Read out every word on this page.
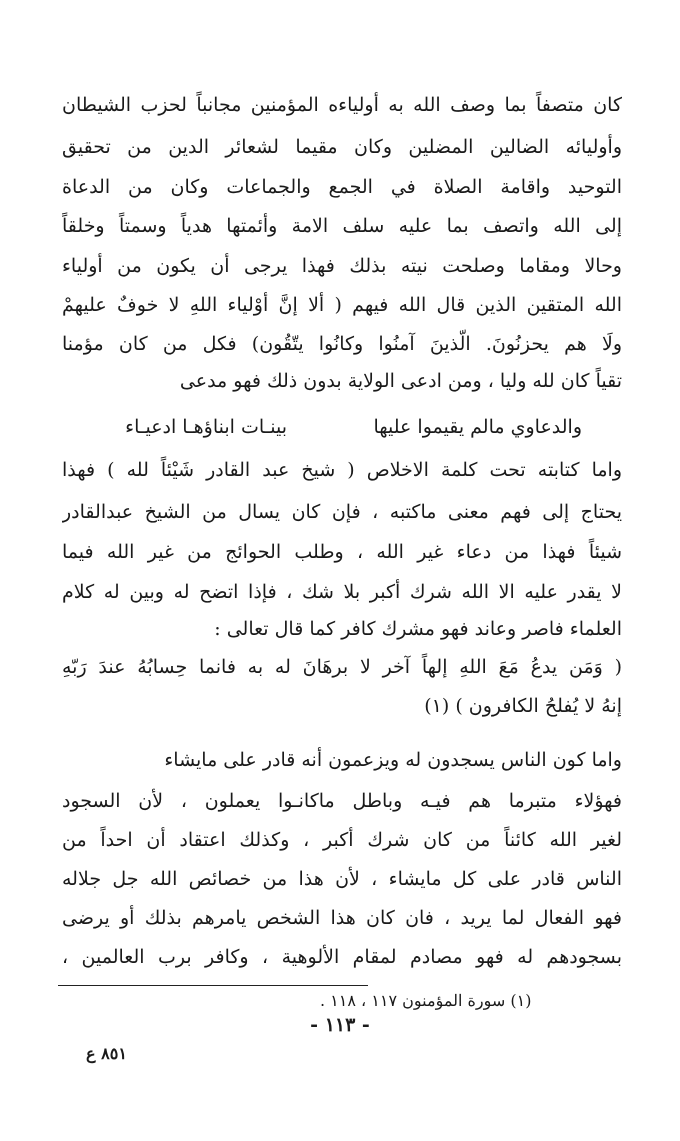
كان متصفاً بما وصف الله به أولياءه المؤمنين مجانباً لحزب الشيطان
وأوليائه الضالين المضلين وكان مقيما لشعائر الدين من تحقيق
التوحيد واقامة الصلاة في الجمع والجماعات وكان من الدعاة
إلى الله واتصف بما عليه سلف الامة وأئمتها هدياً وسمتاً وخلقاً
وحالا ومقاما وصلحت نيته بذلك فهذا يرجى أن يكون من أولياء
الله المتقين الذين قال الله فيهم ( ألا إنَّ أوْلياء اللهِ لا خوفٌ عليهمْ
ولَا هم يحزنُونَ. الّذينَ آمنُوا وكانُوا يتّقُون) فكل من كان مؤمنا
تقياً كان لله وليا ، ومن ادعى الولاية بدون ذلك فهو مدعى
والدعاوي مالم يقيموا عليها
بينـات ابناؤهـا ادعيـاء
واما كتابته تحت كلمة الاخلاص ( شيخ عبد القادر شَيْئاً لله ) فهذا
يحتاج إلى فهم معنى ماكتبه ، فإن كان يسال من الشيخ عبدالقادر
شيئاً فهذا من دعاء غير الله ، وطلب الحوائج من غير الله فيما
لا يقدر عليه الا الله شرك أكبر بلا شك ، فإذا اتضح له وبين له كلام
العلماء فاصر وعاند فهو مشرك كافر كما قال تعالى :
( وَمَن يدعُ مَعَ اللهِ إلهاً آخر لا برهَانَ له به فانما حِسابُهُ عندَ رَبّهِ
إنهُ لا يُفلحُ الكافرون ) (١)
واما كون الناس يسجدون له ويزعمون أنه قادر على مايشاء
فهؤلاء متبرما هم فيـه وباطل ماكانـوا يعملون ، لأن السجود
لغير الله كائناً من كان شرك أكبر ، وكذلك اعتقاد أن احداً من
الناس قادر على كل مايشاء ، لأن هذا من خصائص الله جل جلاله
فهو الفعال لما يريد ، فان كان هذا الشخص يامرهم بذلك أو يرضى
بسجودهم له فهو مصادم لمقام الألوهية ، وكافر برب العالمين ،
(١) سورة المؤمنون ١١٧ ، ١١٨ .
- ١١٣ -
٨٥١ ع
